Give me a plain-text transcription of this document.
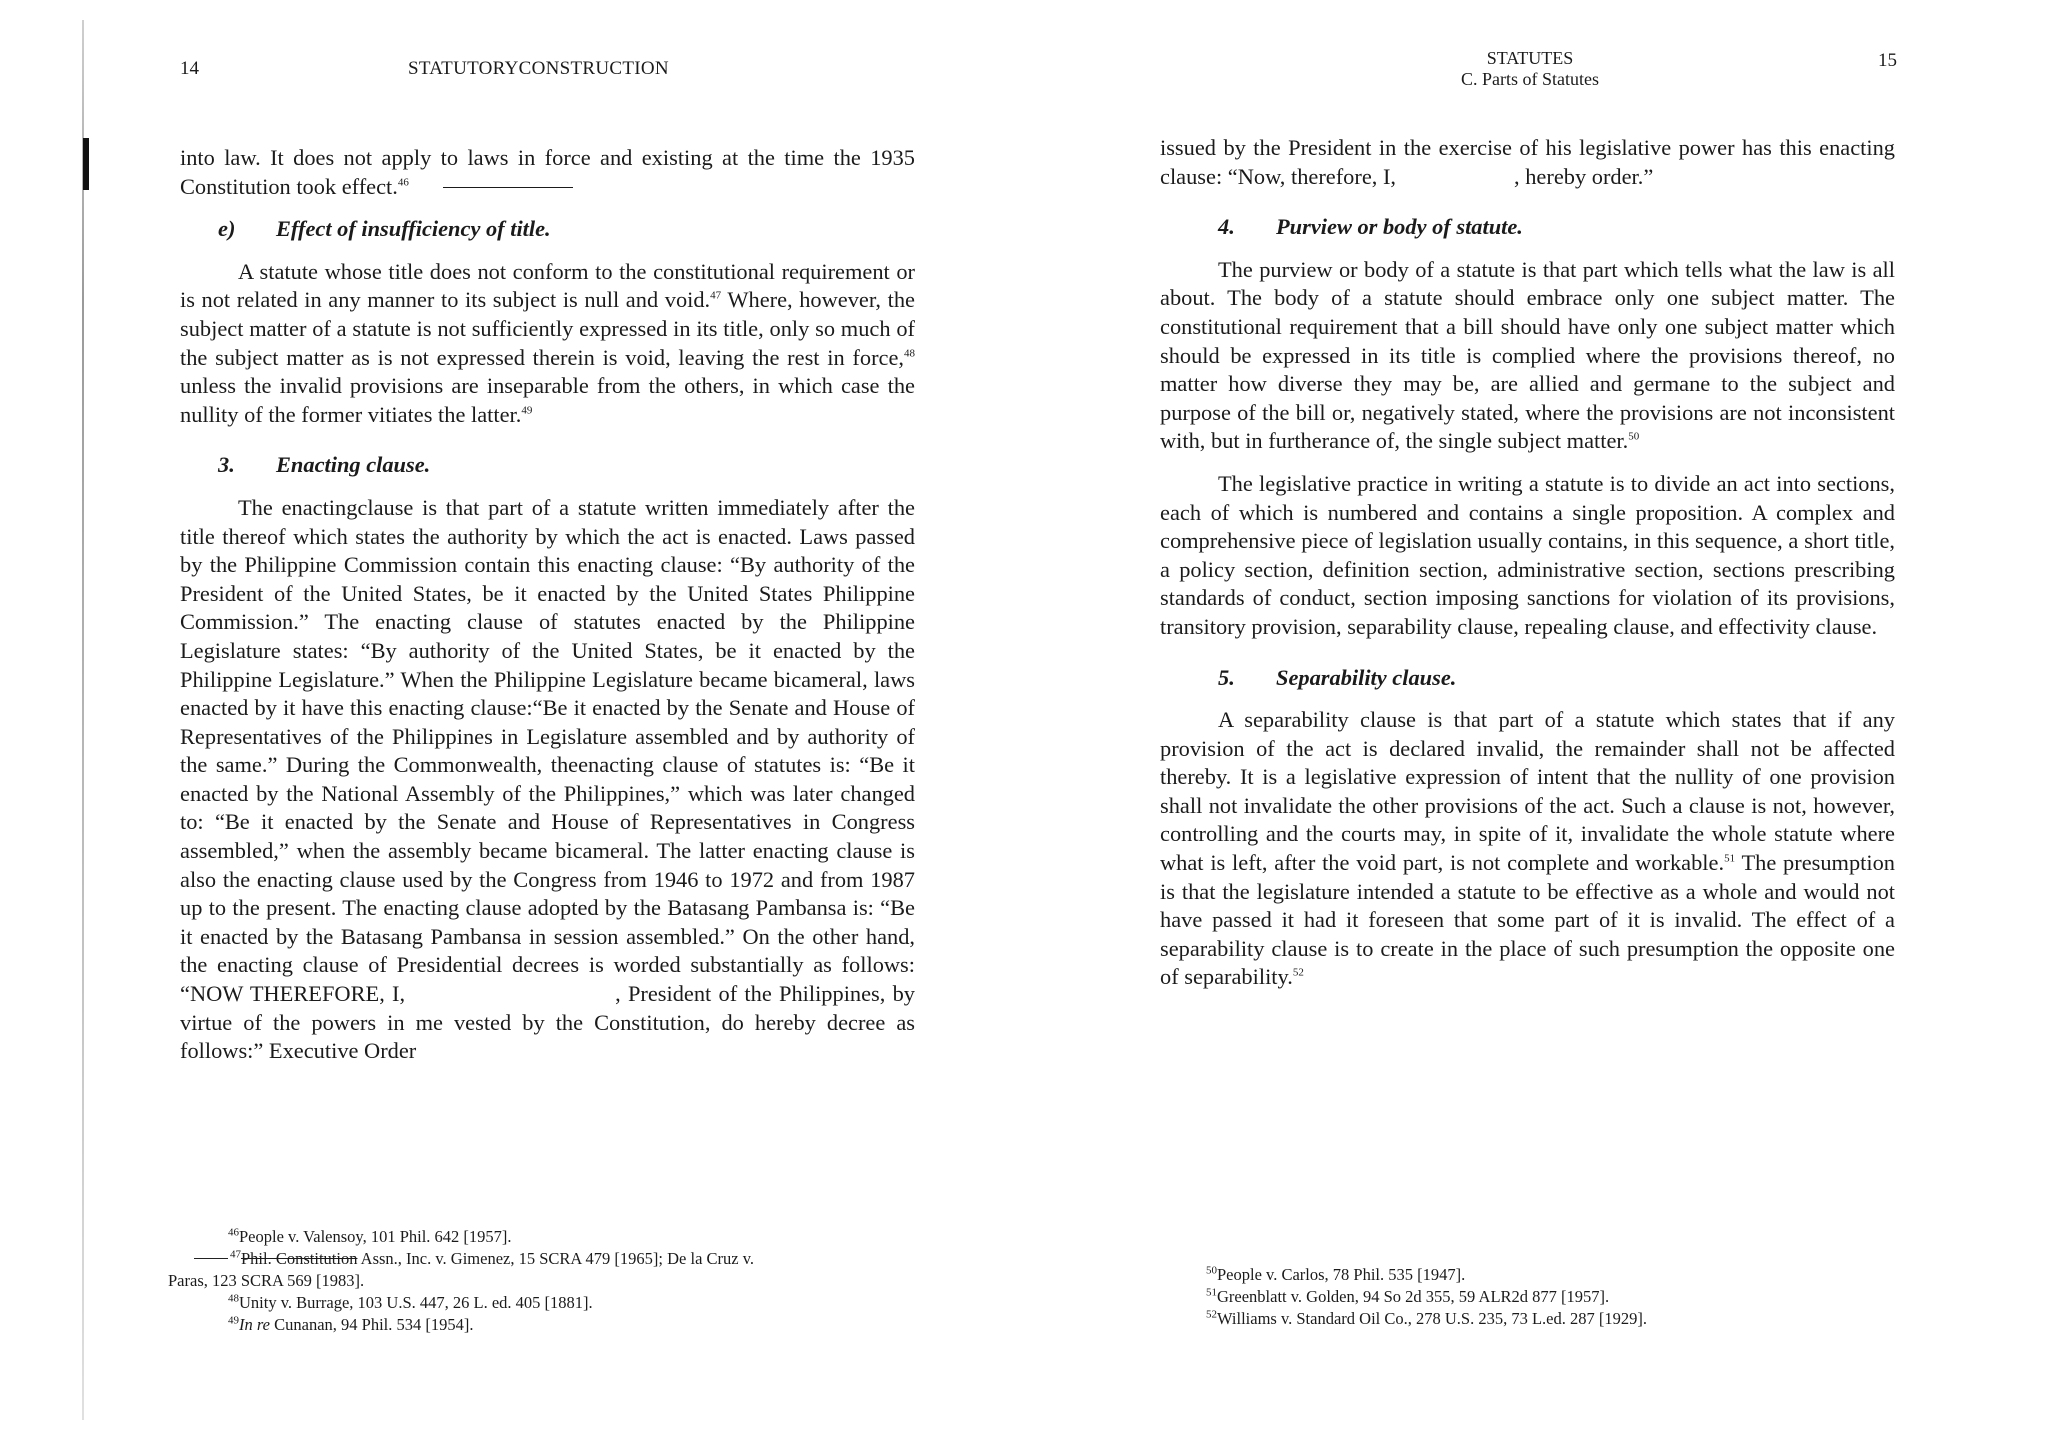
14	STATUTORYCONSTRUCTION

into law. It does not apply to laws in force and existing at the time the 1935 Constitution took effect.$^{46}$

e) Effect of insufficiency of title.

A statute whose title does not conform to the constitutional requirement or is not related in any manner to its subject is null and void.$^{47}$ Where, however, the subject matter of a statute is not sufficiently expressed in its title, only so much of the subject matter as is not expressed therein is void, leaving the rest in force,$^{48}$ unless the invalid provisions are inseparable from the others, in which case the nullity of the former vitiates the latter.$^{49}$

3. Enacting clause.

The enactingclause is that part of a statute written immediately after the title thereof which states the authority by which the act is enacted. Laws passed by the Philippine Commission contain this enacting clause: “By authority of the President of the United States, be it enacted by the United States Philippine Commission.” The enacting clause of statutes enacted by the Philippine Legislature states: “By authority of the United States, be it enacted by the Philippine Legislature.” When the Philippine Legislature became bicameral, laws enacted by it have this enacting clause:“Be it enacted by the Senate and House of Representatives of the Philippines in Legislature assembled and by authority of the same.” During the Commonwealth, theenacting clause of statutes is: “Be it enacted by the National Assembly of the Philippines,” which was later changed to: “Be it enacted by the Senate and House of Representatives in Congress assembled,” when the assembly became bicameral. The latter enacting clause is also the enacting clause used by the Congress from 1946 to 1972 and from 1987 up to the present. The enacting clause adopted by the Batasang Pambansa is: “Be it enacted by the Batasang Pambansa in session assembled.” On the other hand, the enacting clause of Presidential decrees is worded substantially as follows: “NOW THEREFORE, I,	, President of the Philippines, by virtue of the powers in me vested by the Constitution, do hereby decree as follows:” Executive Order

$^{46}$People v. Valensoy, 101 Phil. 642 [1957].

$^{47}$Phil. Constitution Assn., Inc. v. Gimenez, 15 SCRA 479 [1965]; De la Cruz v.

Paras, 123 SCRA 569 [1983].

$^{48}$Unity v. Burrage, 103 U.S. 447, 26 L. ed. 405 [1881].

$^{49}$In re Cunanan, 94 Phil. 534 [1954].

STATUTES
C. Parts of Statutes
15

issued by the President in the exercise of his legislative power has this enacting clause: “Now, therefore, I,	, hereby order.”

4. Purview or body of statute.

The purview or body of a statute is that part which tells what the law is all about. The body of a statute should embrace only one subject matter. The constitutional requirement that a bill should have only one subject matter which should be expressed in its title is complied where the provisions thereof, no matter how diverse they may be, are allied and germane to the subject and purpose of the bill or, negatively stated, where the provisions are not inconsistent with, but in furtherance of, the single subject matter.$^{50}$

The legislative practice in writing a statute is to divide an act into sections, each of which is numbered and contains a single proposition. A complex and comprehensive piece of legislation usually contains, in this sequence, a short title, a policy section, definition section, administrative section, sections prescribing standards of conduct, section imposing sanctions for violation of its provisions, transitory provision, separability clause, repealing clause, and effectivity clause.

5. Separability clause.

A separability clause is that part of a statute which states that if any provision of the act is declared invalid, the remainder shall not be affected thereby. It is a legislative expression of intent that the nullity of one provision shall not invalidate the other provisions of the act. Such a clause is not, however, controlling and the courts may, in spite of it, invalidate the whole statute where what is left, after the void part, is not complete and workable.$^{51}$ The presumption is that the legislature intended a statute to be effective as a whole and would not have passed it had it foreseen that some part of it is invalid. The effect of a separability clause is to create in the place of such presumption the opposite one of separability.$^{52}$

$^{50}$People v. Carlos, 78 Phil. 535 [1947].

$^{51}$Greenblatt v. Golden, 94 So 2d 355, 59 ALR2d 877 [1957].

$^{52}$Williams v. Standard Oil Co., 278 U.S. 235, 73 L.ed. 287 [1929].
